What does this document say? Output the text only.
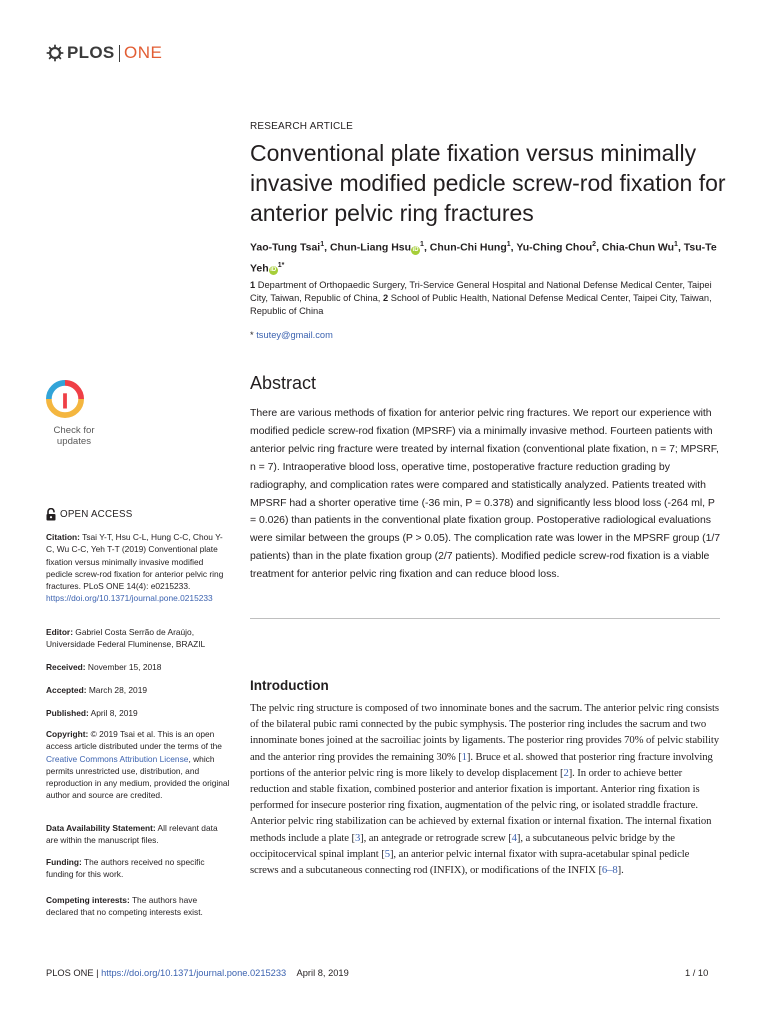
PLOS ONE
RESEARCH ARTICLE
Conventional plate fixation versus minimally invasive modified pedicle screw-rod fixation for anterior pelvic ring fractures
Yao-Tung Tsai$^1$, Chun-Liang Hsu $iD^1$, Chun-Chi Hung$^1$, Yu-Ching Chou$^2$, Chia-Chun Wu$^1$, Tsu-Te Yeh $iD^{1*}$
1 Department of Orthopaedic Surgery, Tri-Service General Hospital and National Defense Medical Center, Taipei City, Taiwan, Republic of China, 2 School of Public Health, National Defense Medical Center, Taipei City, Taiwan, Republic of China
* tsutey@gmail.com
Abstract

There are various methods of fixation for anterior pelvic ring fractures. We report our experience with modified pedicle screw-rod fixation (MPSRF) via a minimally invasive method. Fourteen patients with anterior pelvic ring fracture were treated by internal fixation (conventional plate fixation, n = 7; MPSRF, n = 7). Intraoperative blood loss, operative time, postoperative fracture reduction grading by radiography, and complication rates were compared and statistically analyzed. Patients treated with MPSRF had a shorter operative time (-36 min, P = 0.378) and significantly less blood loss (-264 ml, P = 0.026) than patients in the conventional plate fixation group. Postoperative radiological evaluations were similar between the groups (P > 0.05). The complication rate was lower in the MPSRF group (1/7 patients) than in the plate fixation group (2/7 patients). Modified pedicle screw-rod fixation is a viable treatment for anterior pelvic ring fixation and can reduce blood loss.

Introduction

The pelvic ring structure is composed of two innominate bones and the sacrum. The anterior pelvic ring consists of the bilateral pubic rami connected by the pubic symphysis. The posterior ring includes the sacrum and two innominate bones joined at the sacroiliac joints by ligaments. The posterior ring provides 70% of pelvic stability and the anterior ring provides the remaining 30% [1]. Bruce et al. showed that posterior ring fracture involving portions of the anterior pelvic ring is more likely to develop displacement [2]. In order to achieve better reduction and stable fixation, combined posterior and anterior fixation is important. Anterior ring fixation is performed for insecure posterior ring fixation, augmentation of the pelvic ring, or isolated straddle fracture. Anterior pelvic ring stabilization can be achieved by external fixation or internal fixation. The internal fixation methods include a plate [3], an antegrade or retrograde screw [4], a subcutaneous pelvic bridge by the occipitocervical spinal implant [5], an anterior pelvic internal fixator with supra-acetabular spinal pedicle screws and a subcutaneous connecting rod (INFIX), or modifications of the INFIX [6–8].

Check for
updates
OPEN ACCESS
Citation: Tsai Y-T, Hsu C-L, Hung C-C, Chou Y-C, Wu C-C, Yeh T-T (2019) Conventional plate fixation versus minimally invasive modified pedicle screw-rod fixation for anterior pelvic ring fractures. PLoS ONE 14(4): e0215233. https://doi.org/10.1371/journal.pone.0215233
Editor: Gabriel Costa Serrão de Araújo, Universidade Federal Fluminense, BRAZIL
Received: November 15, 2018
Accepted: March 28, 2019
Published: April 8, 2019
Copyright: © 2019 Tsai et al. This is an open access article distributed under the terms of the Creative Commons Attribution License, which permits unrestricted use, distribution, and reproduction in any medium, provided the original author and source are credited.
Data Availability Statement: All relevant data are within the manuscript files.
Funding: The authors received no specific funding for this work.
Competing interests: The authors have declared that no competing interests exist.
PLOS ONE | https://doi.org/10.1371/journal.pone.0215233 April 8, 2019	1 / 10
